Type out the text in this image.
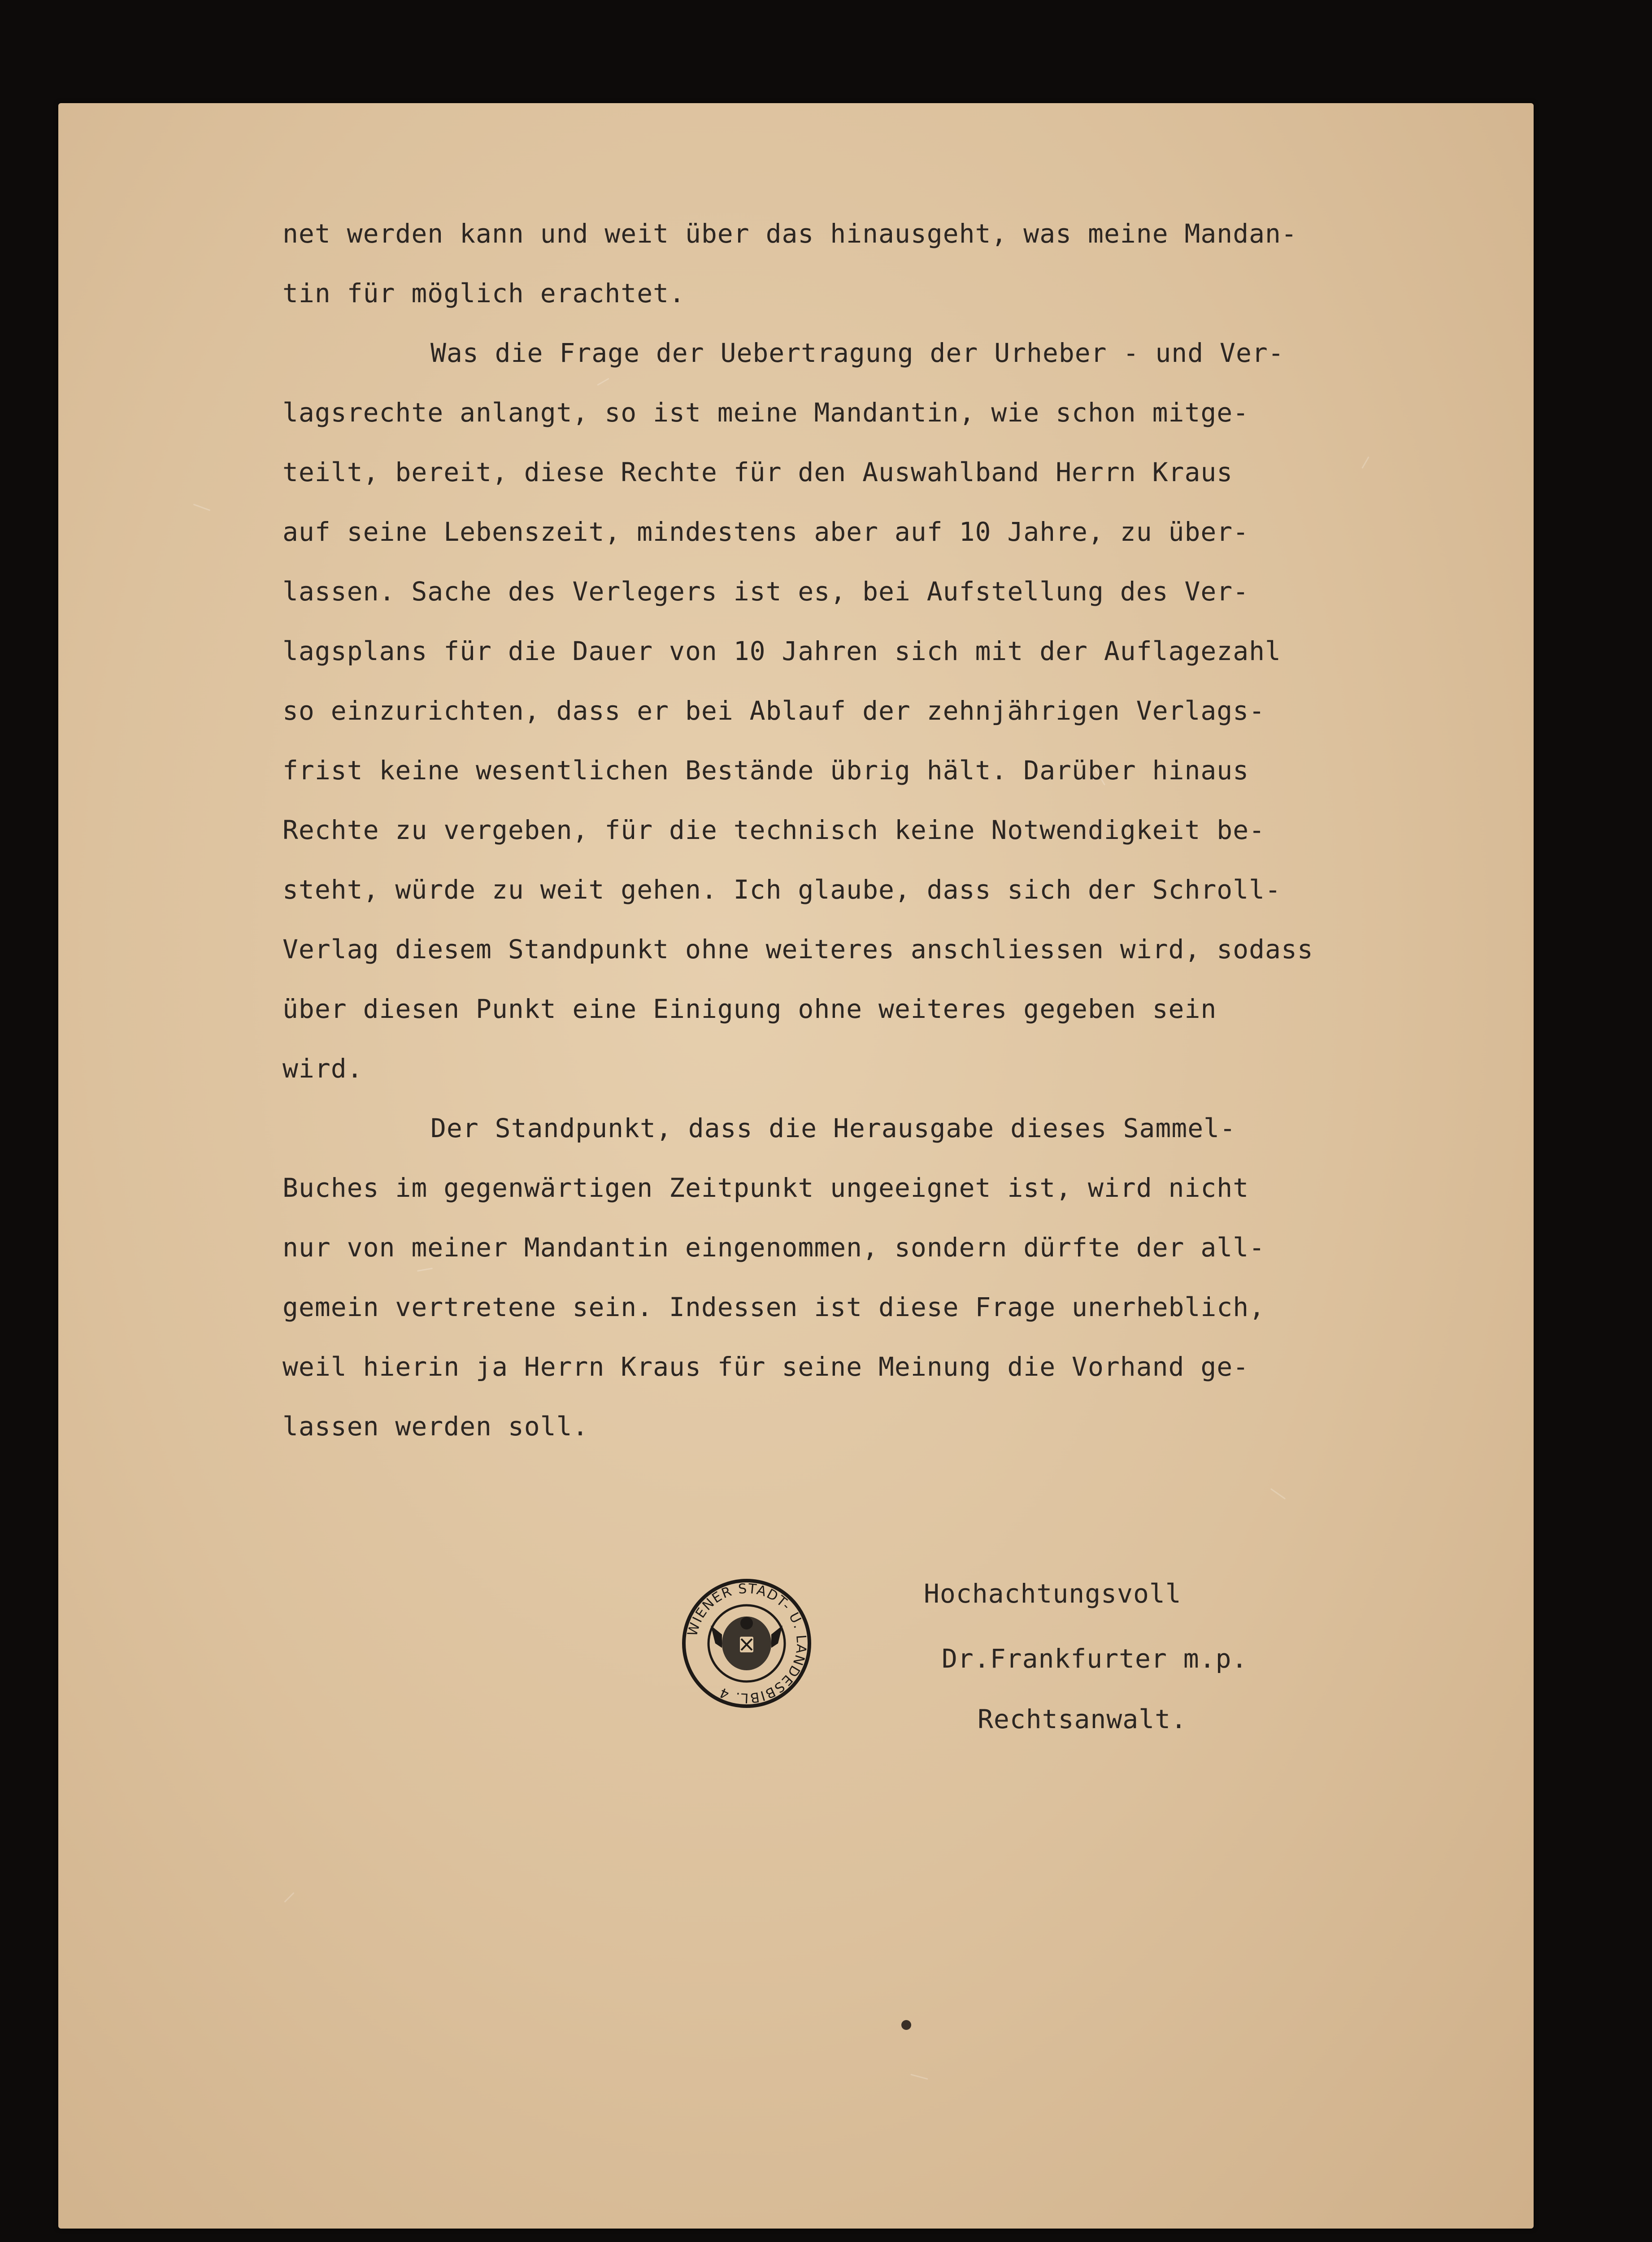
net werden kann und weit über das hinausgeht, was meine Mandan-
tin für möglich erachtet.
Was die Frage der Uebertragung der Urheber - und Ver-
lagsrechte anlangt, so ist meine Mandantin, wie schon mitge-
teilt, bereit, diese Rechte für den Auswahlband Herrn Kraus
auf seine Lebenszeit, mindestens aber auf 10 Jahre, zu über-
lassen. Sache des Verlegers ist es, bei Aufstellung des Ver-
lagsplans für die Dauer von 10 Jahren sich mit der Auflagezahl
so einzurichten, dass er bei Ablauf der zehnjährigen Verlags-
frist keine wesentlichen Bestände übrig hält. Darüber hinaus
Rechte zu vergeben, für die technisch keine Notwendigkeit be-
steht, würde zu weit gehen. Ich glaube, dass sich der Schroll-
Verlag diesem Standpunkt ohne weiteres anschliessen wird, sodass
über diesen Punkt eine Einigung ohne weiteres gegeben sein
wird.
Der Standpunkt, dass die Herausgabe dieses Sammel-
Buches im gegenwärtigen Zeitpunkt ungeeignet ist, wird nicht
nur von meiner Mandantin eingenommen, sondern dürfte der all-
gemein vertretene sein. Indessen ist diese Frage unerheblich,
weil hierin ja Herrn Kraus für seine Meinung die Vorhand ge-
lassen werden soll.
Hochachtungsvoll
Dr.Frankfurter m.p.
Rechtsanwalt.
WIENER STADT- U. LANDESBIBL. 4
